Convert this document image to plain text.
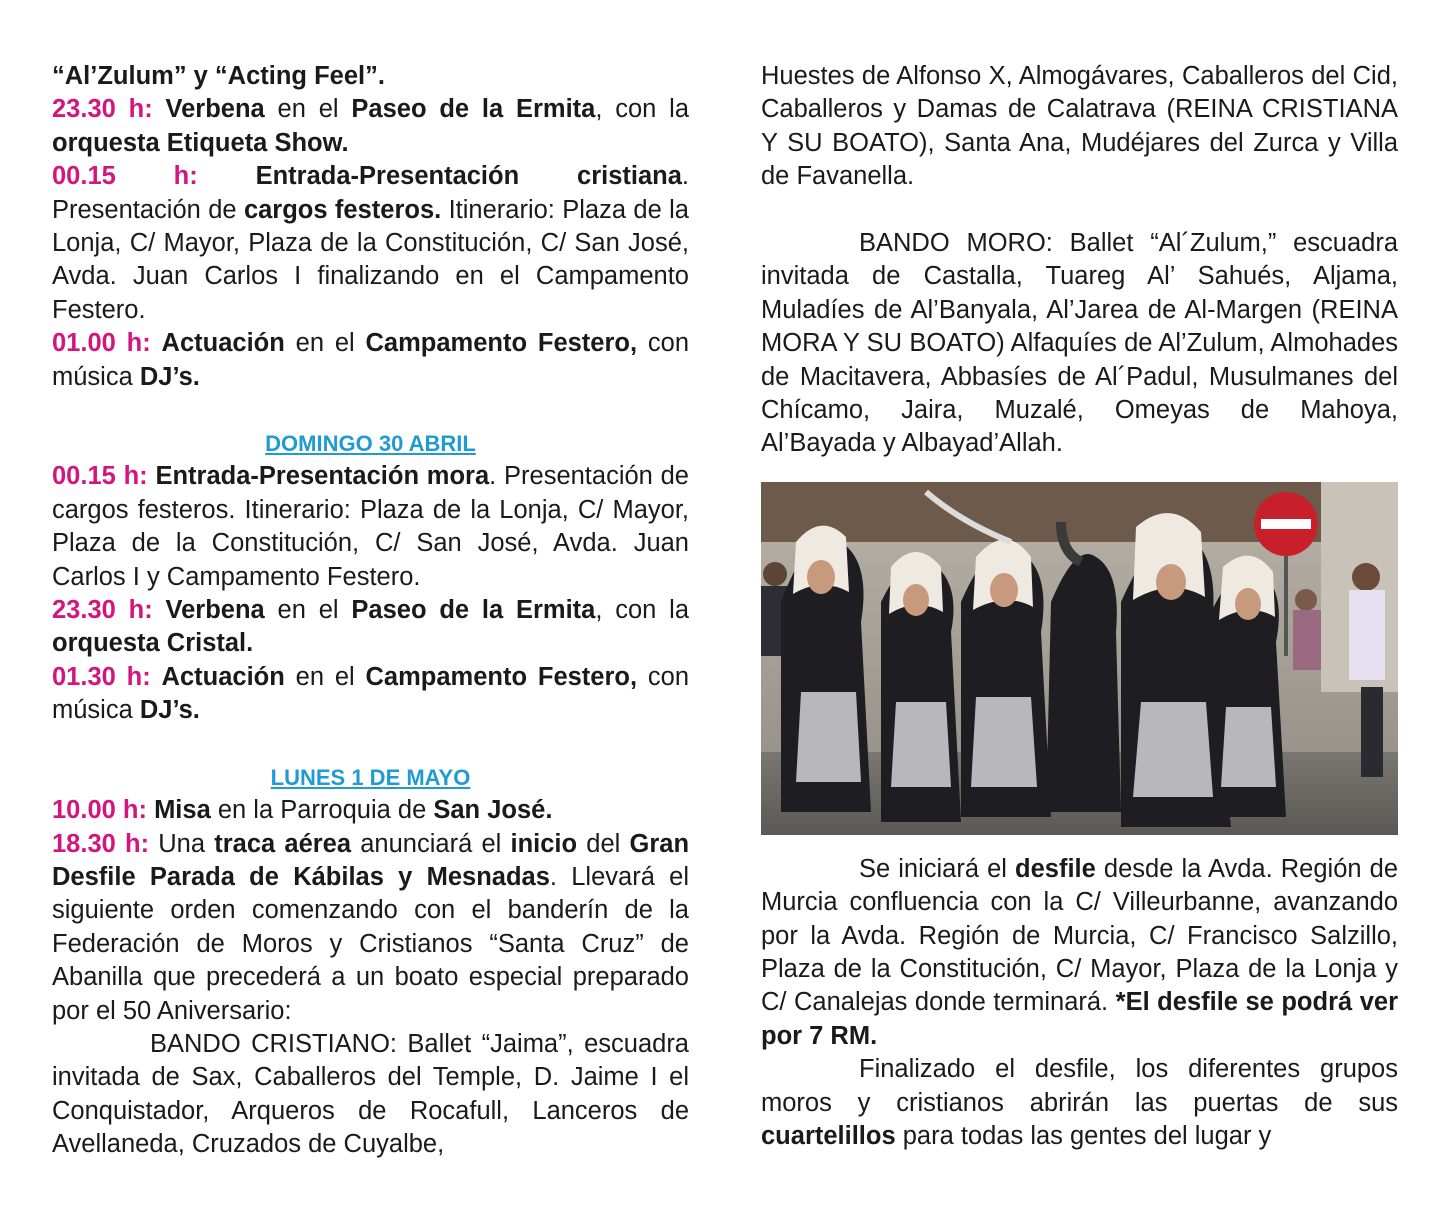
“Al’Zulum” y “Acting Feel”.

23.30 h: Verbena en el Paseo de la Ermita, con la orquesta Etiqueta Show.

00.15 h: Entrada-Presentación cristiana. Presentación de cargos festeros. Itinerario: Plaza de la Lonja, C/ Mayor, Plaza de la Constitución, C/ San José, Avda. Juan Carlos I finalizando en el Campamento Festero.

01.00 h: Actuación en el Campamento Festero, con música DJ’s.

DOMINGO 30 ABRIL

00.15 h: Entrada-Presentación mora. Presentación de cargos festeros. Itinerario: Plaza de la Lonja, C/ Mayor, Plaza de la Constitución, C/ San José, Avda. Juan Carlos I y Campamento Festero.

23.30 h: Verbena en el Paseo de la Ermita, con la orquesta Cristal.

01.30 h: Actuación en el Campamento Festero, con música DJ’s.

LUNES 1 DE MAYO

10.00 h: Misa en la Parroquia de San José.

18.30 h: Una traca aérea anunciará el inicio del Gran Desfile Parada de Kábilas y Mesnadas. Llevará el siguiente orden comenzando con el banderín de la Federación de Moros y Cristianos “Santa Cruz” de Abanilla que precederá a un boato especial preparado por el 50 Aniversario:

BANDO CRISTIANO: Ballet “Jaima”, escuadra invitada de Sax, Caballeros del Temple, D. Jaime I el Conquistador, Arqueros de Rocafull, Lanceros de Avellaneda, Cruzados de Cuyalbe,

Huestes de Alfonso X, Almogávares, Caballeros del Cid, Caballeros y Damas de Calatrava (REINA CRISTIANA Y SU BOATO), Santa Ana, Mudéjares del Zurca y Villa de Favanella.

BANDO MORO: Ballet “Al´Zulum,” escuadra invitada de Castalla, Tuareg Al’ Sahués, Aljama, Muladíes de Al’Banyala, Al’Jarea de Al-Margen (REINA MORA Y SU BOATO) Alfaquíes de Al’Zulum, Almohades de Macitavera, Abbasíes de Al´Padul, Musulmanes del Chícamo, Jaira, Muzalé, Omeyas de Mahoya, Al’Bayada y Albayad’Allah.

Se iniciará el desfile desde la Avda. Región de Murcia confluencia con la C/ Villeurbanne, avanzando por la Avda. Región de Murcia, C/ Francisco Salzillo, Plaza de la Constitución, C/ Mayor, Plaza de la Lonja y C/ Canalejas donde terminará. *El desfile se podrá ver por 7 RM.

Finalizado el desfile, los diferentes grupos moros y cristianos abrirán las puertas de sus cuartelillos para todas las gentes del lugar y
